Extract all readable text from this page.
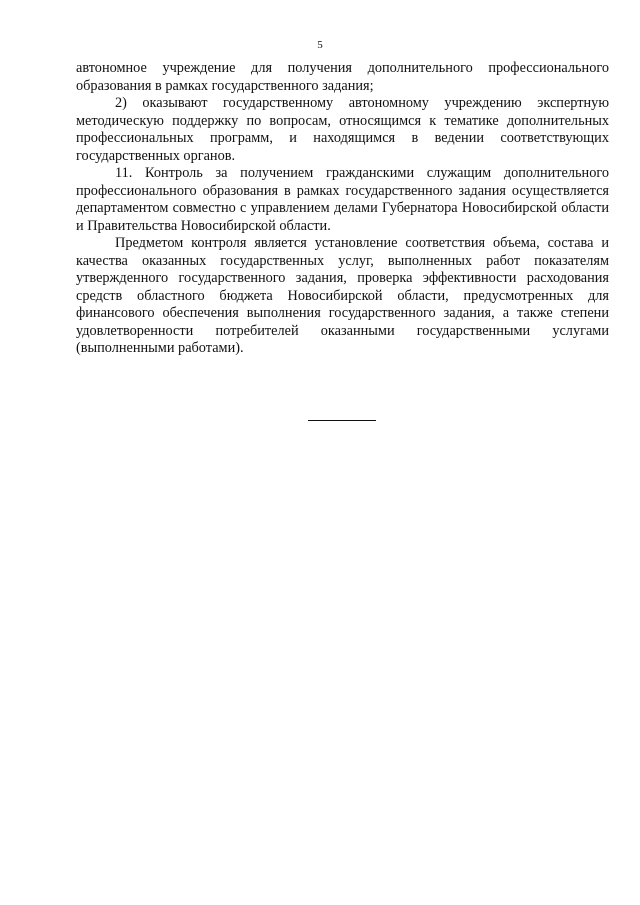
5

автономное учреждение для получения дополнительного профессионального образования в рамках государственного задания;

2) оказывают государственному автономному учреждению экспертную методическую поддержку по вопросам, относящимся к тематике дополнительных профессиональных программ, и находящимся в ведении соответствующих государственных органов.

11. Контроль за получением гражданскими служащим дополнительного профессионального образования в рамках государственного задания осуществляется департаментом совместно с управлением делами Губернатора Новосибирской области и Правительства Новосибирской области.

Предметом контроля является установление соответствия объема, состава и качества оказанных государственных услуг, выполненных работ показателям утвержденного государственного задания, проверка эффективности расходования средств областного бюджета Новосибирской области, предусмотренных для финансового обеспечения выполнения государственного задания, а также степени удовлетворенности потребителей оказанными государственными услугами (выполненными работами).
